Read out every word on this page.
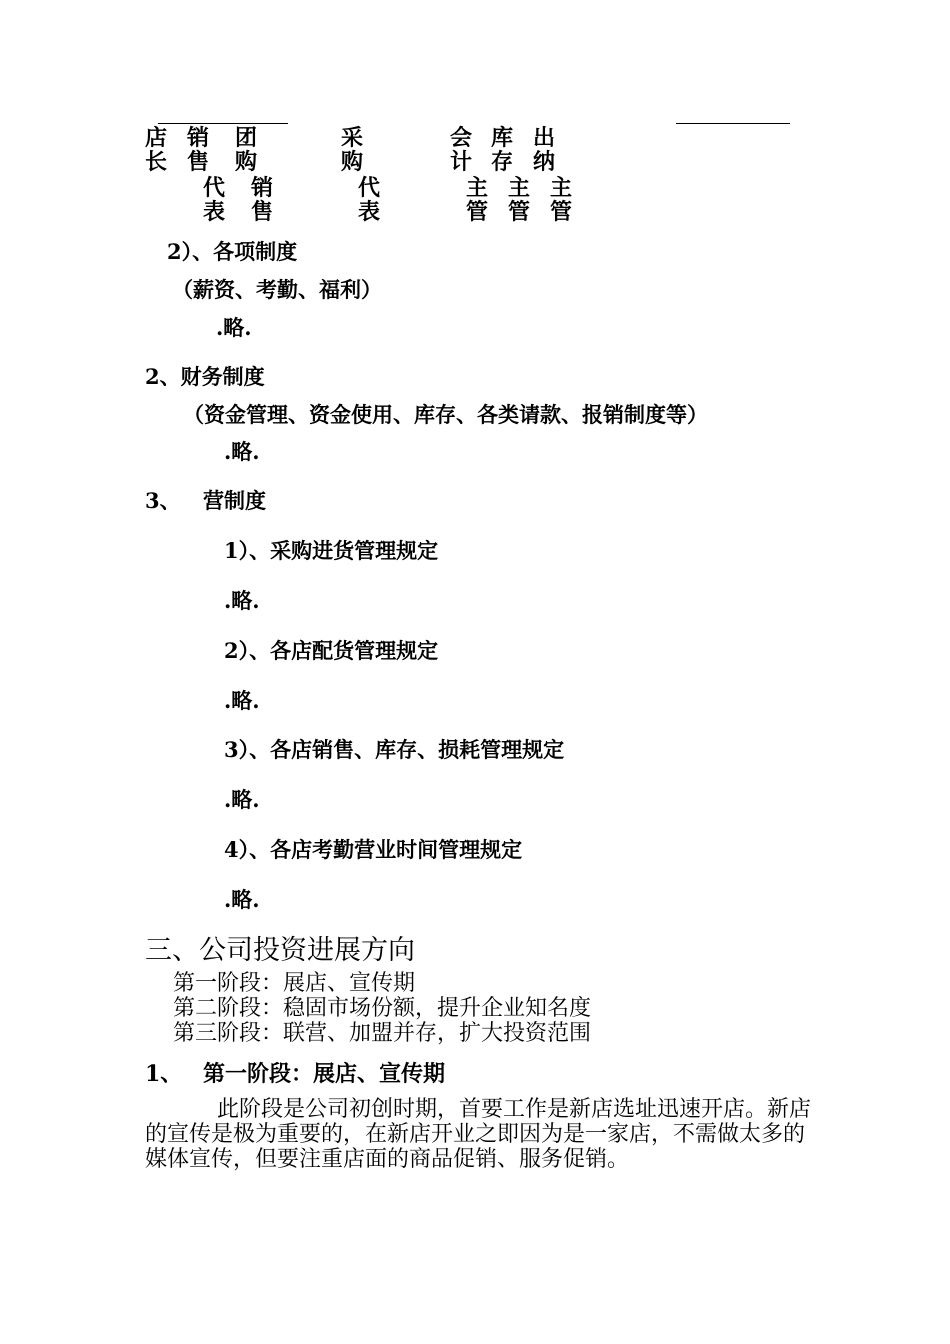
店 销 团	采	会 库 出
长 售 购	购	计 存 纳
代 销	代	主 主 主
表 售	表	管 管 管
2）、各项制度
（薪资、考勤、福利）
.略.
2、财务制度
（资金管理、资金使用、库存、各类请款、报销制度等）
.略.
3、 营制度
1）、采购进货管理规定
.略.
2）、各店配货管理规定
.略.
3）、各店销售、库存、损耗管理规定
.略.
4）、各店考勤营业时间管理规定
.略.
三、公司投资进展方向
第一阶段：展店、宣传期
第二阶段：稳固市场份额，提升企业知名度
第三阶段：联营、加盟并存，扩大投资范围
1、 第一阶段：展店、宣传期
此阶段是公司初创时期，首要工作是新店选址迅速开店。新店的宣传是极为重要的，在新店开业之即因为是一家店，不需做太多的媒体宣传，但要注重店面的商品促销、服务促销。
